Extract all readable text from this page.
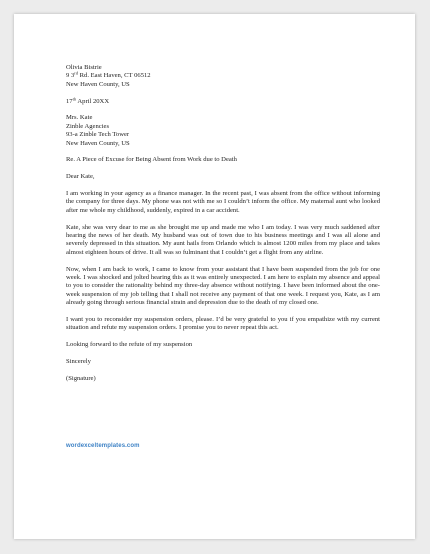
Olivia Bistrie
9 3rd Rd. East Haven, CT 06512
New Haven County, US
17th April 20XX
Mrs. Kate
Zinble Agencies
93-a Zinble Tech Tower
New Haven County, US
Re. A Piece of Excuse for Being Absent from Work due to Death
Dear Kate,

I am working in your agency as a finance manager. In the recent past, I was absent from the office without informing the company for three days. My phone was not with me so I couldn’t inform the office. My maternal aunt who looked after me whole my childhood, suddenly, expired in a car accident.

Kate, she was very dear to me as she brought me up and made me who I am today. I was very much saddened after hearing the news of her death. My husband was out of town due to his business meetings and I was all alone and severely depressed in this situation. My aunt hails from Orlando which is almost 1200 miles from my place and takes almost eighteen hours of drive. It all was so fulminant that I couldn’t get a flight from any airline.

Now, when I am back to work, I came to know from your assistant that I have been suspended from the job for one week. I was shocked and jolted hearing this as it was entirely unexpected. I am here to explain my absence and appeal to you to consider the rationality behind my three-day absence without notifying. I have been informed about the one-week suspension of my job telling that I shall not receive any payment of that one week. I request you, Kate, as I am already going through serious financial strain and depression due to the death of my closed one.

I want you to reconsider my suspension orders, please. I’d be very grateful to you if you empathize with my current situation and refute my suspension orders. I promise you to never repeat this act.

Looking forward to the refute of my suspension

Sincerely
(Signature)
wordexceltemplates.com
